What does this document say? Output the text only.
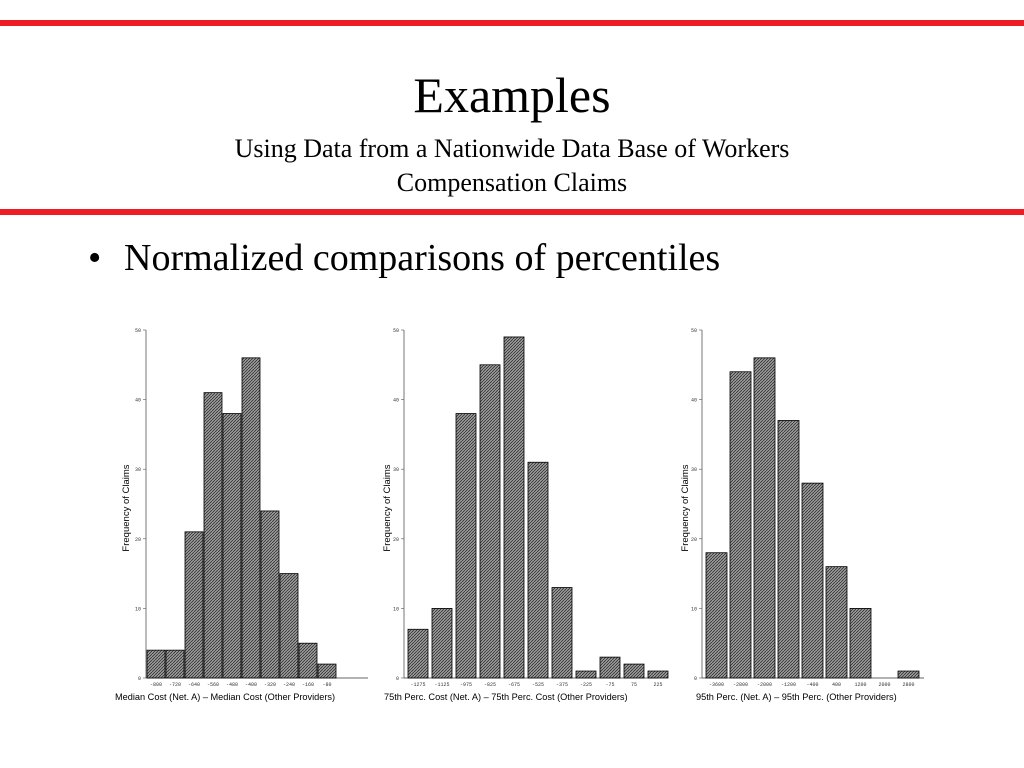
Examples

Using Data from a Nationwide Data Base of Workers

Compensation Claims

• Normalized comparisons of percentiles
Frequency of Claims
0
10
20
30
40
50
-800 -720 -640 -560 -480 -400 -320 -240 -160 -80
Median Cost (Net. A) – Median Cost (Other Providers)
Frequency of Claims
0
10
20
30
40
50
-1275 -1125 -975 -825 -675 -525 -375 -225	-75	75	225
75th Perc. Cost (Net. A) – 75th Perc. Cost (Other Providers)
Frequency of Claims
0
10
20
30
40
50
-3600 -2800 -2000 -1200 -400	400	1200 2000 2800
95th Perc. (Net. A) – 95th Perc. (Other Providers)
